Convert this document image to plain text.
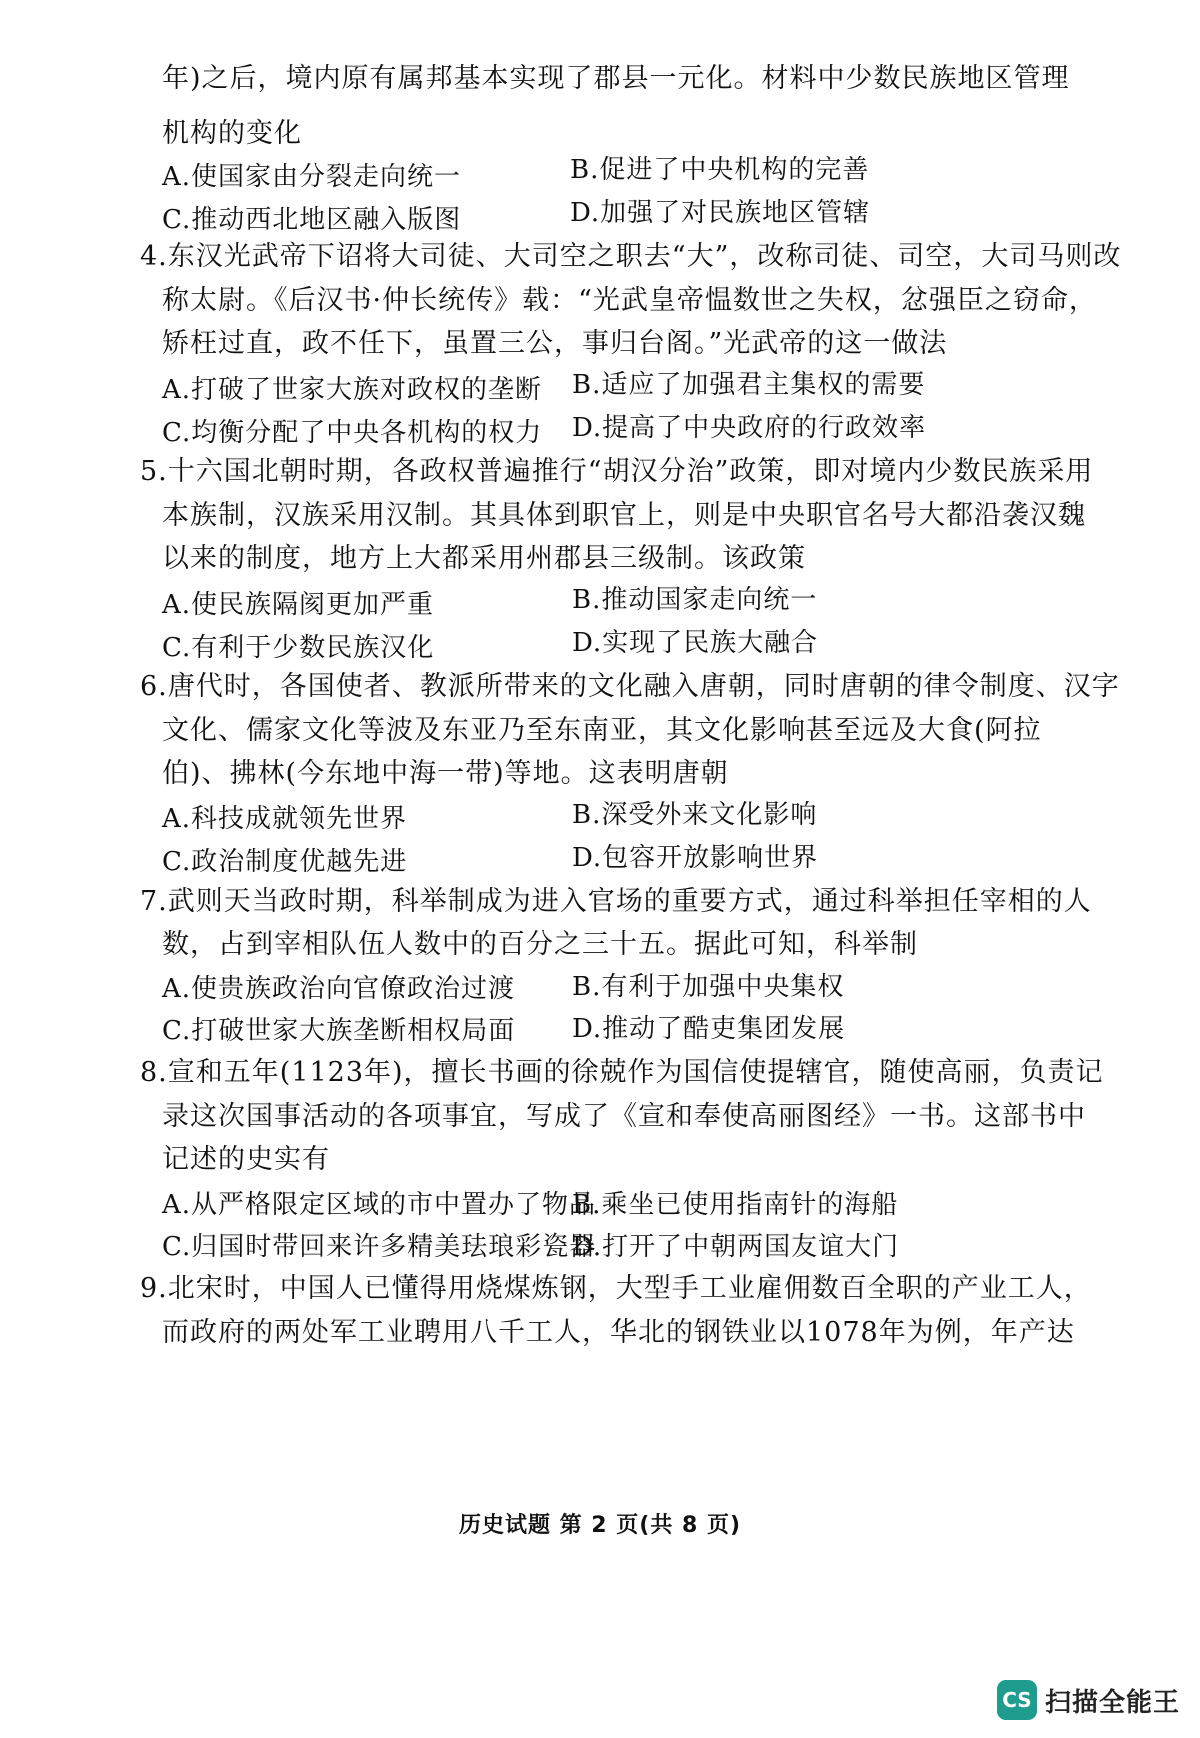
年)之后，境内原有属邦基本实现了郡县一元化。材料中少数民族地区管理
机构的变化
A.使国家由分裂走向统一	B.促进了中央机构的完善
C.推动西北地区融入版图	D.加强了对民族地区管辖
4.东汉光武帝下诏将大司徒、大司空之职去“大”，改称司徒、司空，大司马则改
称太尉。《后汉书·仲长统传》载：“光武皇帝愠数世之失权，忿强臣之窃命，
矫枉过直，政不任下，虽置三公，事归台阁。”光武帝的这一做法
A.打破了世家大族对政权的垄断 B.适应了加强君主集权的需要
C.均衡分配了中央各机构的权力 D.提高了中央政府的行政效率
5.十六国北朝时期，各政权普遍推行“胡汉分治”政策，即对境内少数民族采用
本族制，汉族采用汉制。其具体到职官上，则是中央职官名号大都沿袭汉魏
以来的制度，地方上大都采用州郡县三级制。该政策
A.使民族隔阂更加严重	B.推动国家走向统一
C.有利于少数民族汉化	D.实现了民族大融合
6.唐代时，各国使者、教派所带来的文化融入唐朝，同时唐朝的律令制度、汉字
文化、儒家文化等波及东亚乃至东南亚，其文化影响甚至远及大食(阿拉
伯)、拂林(今东地中海一带)等地。这表明唐朝
A.科技成就领先世界	B.深受外来文化影响
C.政治制度优越先进	D.包容开放影响世界
7.武则天当政时期，科举制成为进入官场的重要方式，通过科举担任宰相的人
数，占到宰相队伍人数中的百分之三十五。据此可知，科举制
A.使贵族政治向官僚政治过渡 B.有利于加强中央集权
C.打破世家大族垄断相权局面 D.推动了酷吏集团发展
8.宣和五年(1123年)，擅长书画的徐兢作为国信使提辖官，随使高丽，负责记
录这次国事活动的各项事宜，写成了《宣和奉使高丽图经》一书。这部书中
记述的史实有
A.从严格限定区域的市中置办了物品
B.乘坐已使用指南针的海船
C.归国时带回来许多精美珐琅彩瓷器
D.打开了中朝两国友谊大门
9.北宋时，中国人已懂得用烧煤炼钢，大型手工业雇佣数百全职的产业工人，
而政府的两处军工业聘用八千工人，华北的钢铁业以1078年为例，年产达
历史试题 第 2 页(共 8 页)
CS 扫描全能王
